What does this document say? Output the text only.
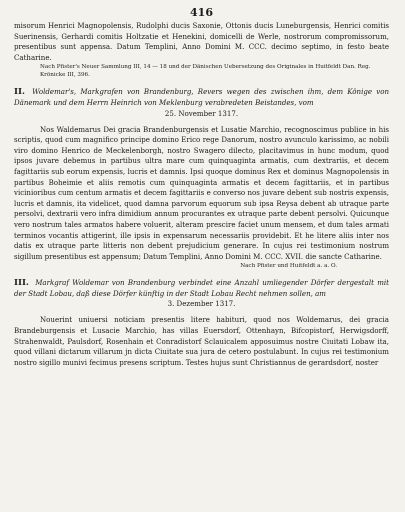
416

misorum Henrici Magnopolensis, Rudolphi ducis Saxonie, Ottonis ducis Luneburgensis, Henrici comitis Suerinensis, Gerhardi comitis Holtzatie et Henekini, domicelli de Werle, nostrorum compromissorum, presentibus sunt appensa. Datum Templini, Anno Domini M. CCC. decimo septimo, in festo beate Catharine.

Nach Pfister's Neuer Sammlung III, 14 — 18 und der Dänischen Uebersetzung des Originales in Huitfeldt Dan. Reg. Krönicke III, 396.

II. Woldemar's, Markgrafen von Brandenburg, Revers wegen des zwischen ihm, dem Könige von Dänemark und dem Herrn Heinrich von Meklenburg verabredeten Beistandes, vom
25. November 1317.

Nos Waldemarus Dei gracia Brandenburgensis et Lusatie Marchio, recognoscimus publice in his scriptis, quod cum magnifico principe domino Erico rege Danorum, nostro avunculo karissimo, ac nobili viro domino Henrico de Meckelenborgh, nostro Swagero dilecto, placitavimus in hunc modum, quod ipsos juvare debemus in partibus ultra mare cum quinquaginta armatis, cum dextrariis, et decem fagittariis sub eorum expensis, lucris et damnis. Ipsi quoque dominus Rex et dominus Magnopolensis in partibus Boheimie et aliis remotis cum quinquaginta armatis et decem fagittariis, et in partibus vicinioribus cum centum armatis et decem fagittariis e converso nos juvare debent sub nostris expensis, lucris et damnis, ita videlicet, quod damna parvorum equorum sub ipsa Reysa debent ab utraque parte persolvi, dextrarii vero infra dimidium annum procurantes ex utraque parte debent persolvi. Quicunque vero nostrum tales armatos habere voluerit, alteram prescire faciet unum mensem, et dum tales armati terminos vocantis attigerint, ille ipsis in expensarum necessariis providebit. Et he litere aliis inter nos datis ex utraque parte litteris non debent prejudicium generare. In cujus rei testimonium nostrum sigillum presentibus est appensum; Datum Templini, Anno Domini M. CCC. XVII. die sancte Catharine.

Nach Pfister und Huitfeldt a. a. O.

III. Markgraf Woldemar von Brandenburg verbindet eine Anzahl umliegender Dörfer dergestalt mit der Stadt Lobau, daß diese Dörfer künftig in der Stadt Lobau Recht nehmen sollen, am
3. Dezember 1317.

Nouerint uniuersi noticiam presentis litere habituri, quod nos Woldemarus, dei gracia Brandeburgensis et Lusacie Marchio, has villas Euersdorf, Ottenhayn, Bifcopistorf, Herwigsdorff, Strahenwaldt, Paulsdorf, Rosenhain et Conradistorf Sclauicalem apposuimus nostre Ciuitati Lobaw ita, quod villani dictarum villarum jn dicta Ciuitate sua jura de cetero postulabunt. In cujus rei testimonium nostro sigillo munivi fecimus presens scriptum. Testes hujus sunt Christiannus de gerardsdorf, noster
